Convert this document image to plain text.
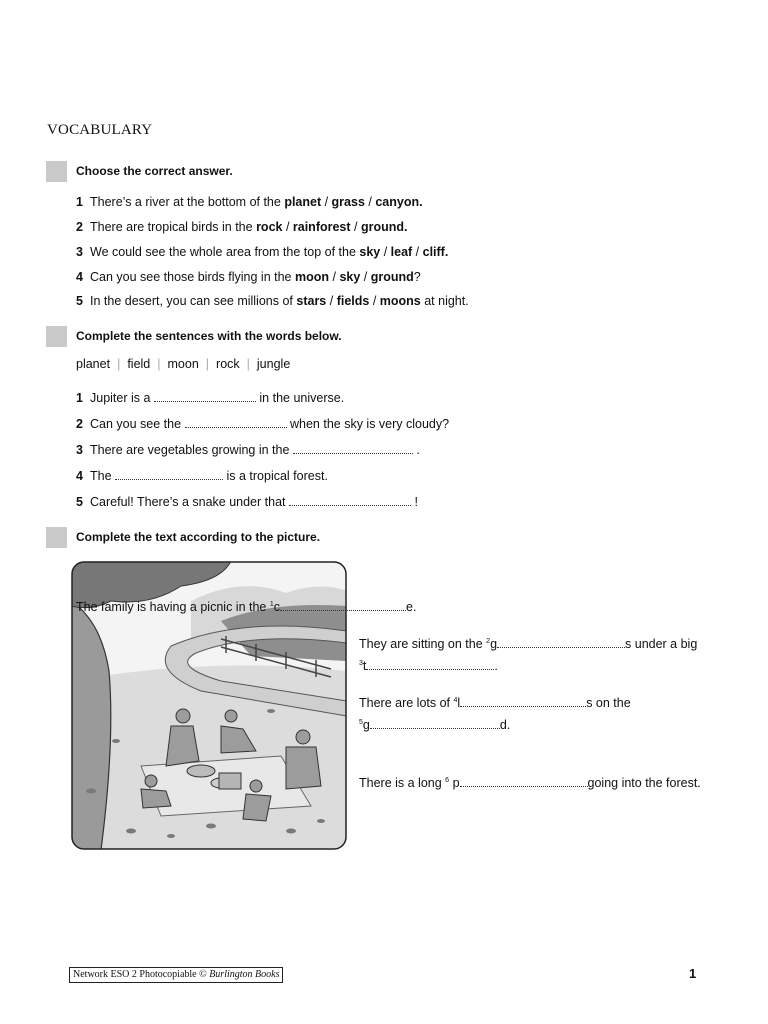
VOCABULARY
Choose the correct answer.
1 There’s a river at the bottom of the planet / grass / canyon.
2 There are tropical birds in the rock / rainforest / ground.
3 We could see the whole area from the top of the sky / leaf / cliff.
4 Can you see those birds flying in the moon / sky / ground?
5 In the desert, you can see millions of stars / fields / moons at night.
Complete the sentences with the words below.
planet | field | moon | rock | jungle
1 Jupiter is a	in the universe.
2 Can you see the	when the sky is very cloudy?
3 There are vegetables growing in the	.
4 The	is a tropical forest.
5 Careful! There’s a snake under that	!
Complete the text according to the picture.
The family is having a picnic in the $^1$c	e.
They are sitting on the $^2$g	s under a big
$^3$t	.
There are lots of $^4$l	s on the
$^5$g	d.
There is a long $^6$ p	going into the forest.
Network ESO 2 Photocopiable © Burlington Books	1
